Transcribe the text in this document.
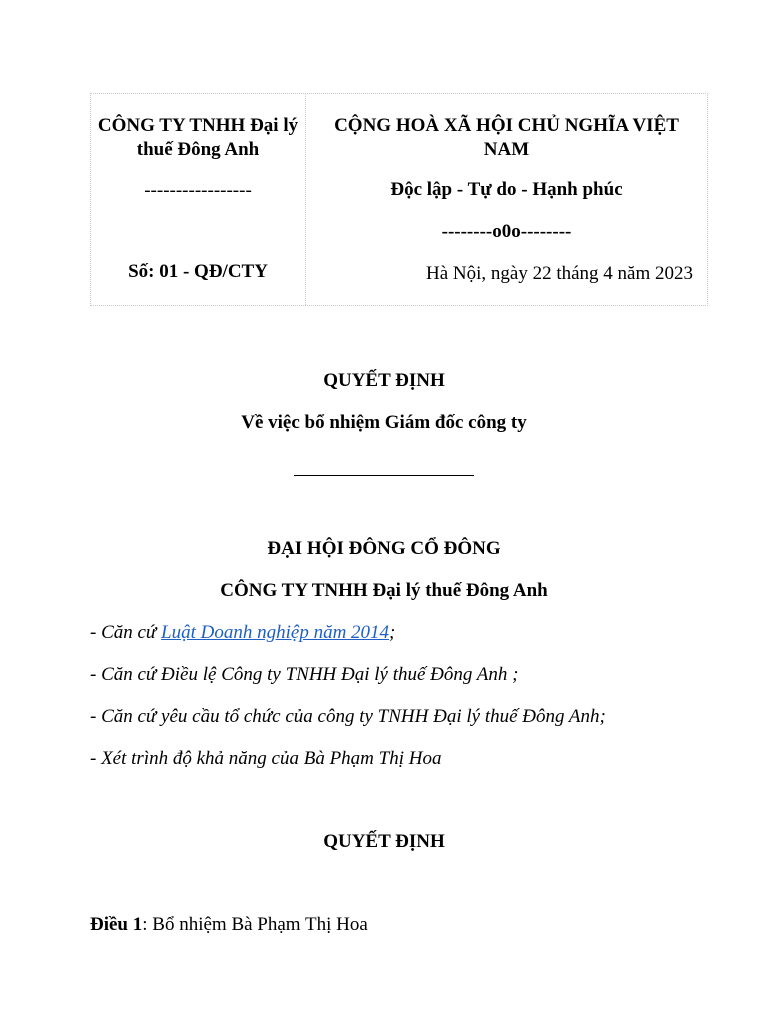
CÔNG TY TNHH Đại lý thuế Đông Anh
-----------------
Số: 01 - QĐ/CTY
CỘNG HOÀ XÃ HỘI CHỦ NGHĨA VIỆT NAM
Độc lập - Tự do - Hạnh phúc
--------o0o--------
Hà Nội, ngày 22 tháng 4 năm 2023
QUYẾT ĐỊNH
Về việc bổ nhiệm Giám đốc công ty
ĐẠI HỘI ĐÔNG CỔ ĐÔNG
CÔNG TY TNHH Đại lý thuế Đông Anh
- Căn cứ Luật Doanh nghiệp năm 2014;
- Căn cứ Điều lệ Công ty TNHH Đại lý thuế Đông Anh ;
- Căn cứ yêu cầu tổ chức của công ty TNHH Đại lý thuế Đông Anh;
- Xét trình độ khả năng của Bà Phạm Thị Hoa
QUYẾT ĐỊNH
Điều 1: Bổ nhiệm Bà Phạm Thị Hoa
